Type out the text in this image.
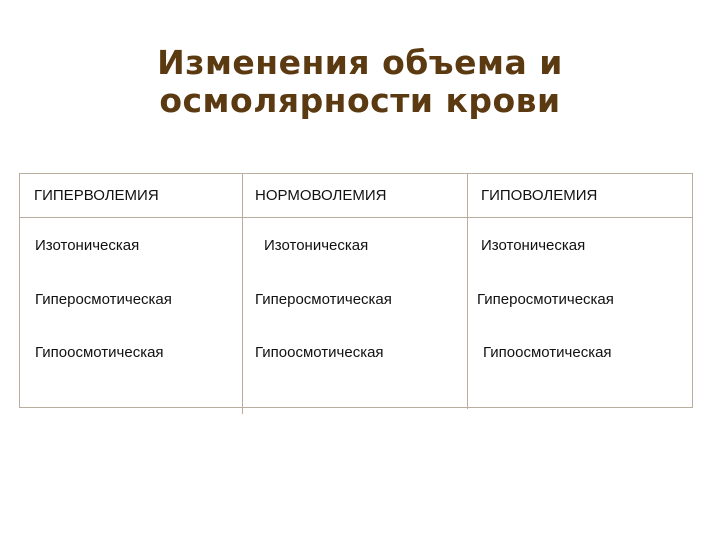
Изменения объема и
осмолярности крови
ГИПЕРВОЛЕМИЯ	НОРМОВОЛЕМИЯ	ГИПОВОЛЕМИЯ
Изотоническая
Гиперосмотическая
Гипоосмотическая
Изотоническая
Гиперосмотическая
Гипоосмотическая
Изотоническая
Гиперосмотическая
Гипоосмотическая
